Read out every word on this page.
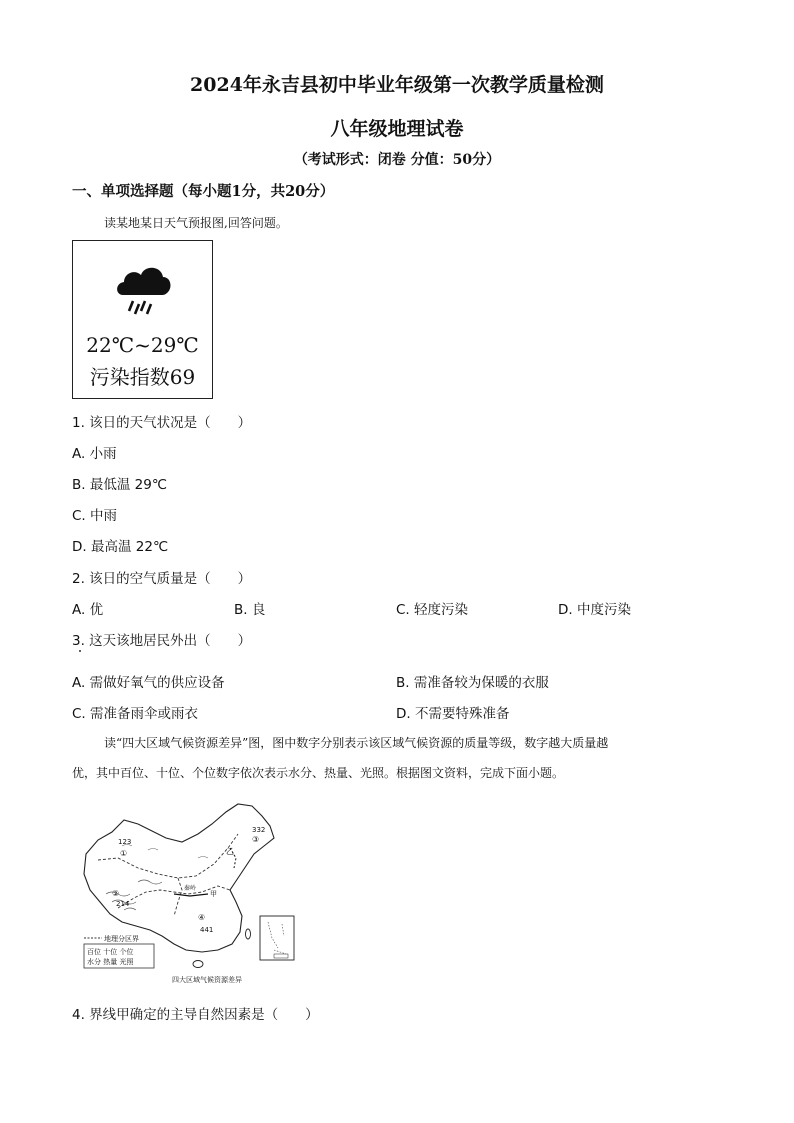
2024年永吉县初中毕业年级第一次教学质量检测
八年级地理试卷
（考试形式：闭卷 分值：50分）
一、单项选择题（每小题1分，共20分）
读某地某日天气预报图,回答问题。
22℃~29℃
污染指数69
1. 该日的天气状况是（　　）
A. 小雨
B. 最低温 29℃
C. 中雨
D. 最高温 22℃
2. 该日的空气质量是（　　）
A. 优	B. 良	C. 轻度污染	D. 中度污染
3. 这天该地居民外出（　　）
A. 需做好氧气的供应设备	B. 需准备较为保暖的衣服
C. 需准备雨伞或雨衣	D. 不需要特殊准备
读“四大区域气候资源差异”图，图中数字分别表示该区域气候资源的质量等级，数字越大质量越
优，其中百位、十位、个位数字依次表示水分、热量、光照。根据图文资料，完成下面小题。
123
①
②
214
③
332
④
441
乙
秦岭
甲
地理分区界
百位 十位 个位
水分 热量 光照
四大区域气候资源差异
4. 界线甲确定的主导自然因素是（　　）
